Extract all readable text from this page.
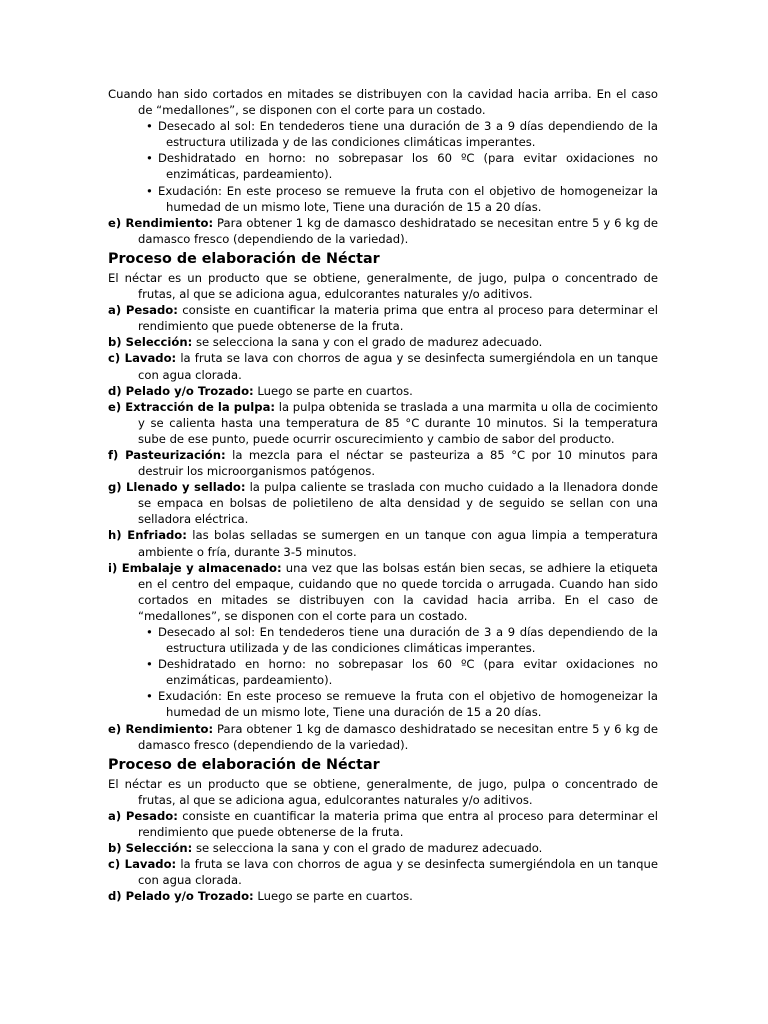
Cuando han sido cortados en mitades se distribuyen con la cavidad hacia arriba. En el caso de “medallones”, se disponen con el corte para un costado.

• Desecado al sol: En tendederos tiene una duración de 3 a 9 días dependiendo de la estructura utilizada y de las condiciones climáticas imperantes.

• Deshidratado en horno: no sobrepasar los 60 ºC (para evitar oxidaciones no enzimáticas, pardeamiento).

• Exudación: En este proceso se remueve la fruta con el objetivo de homogeneizar la humedad de un mismo lote, Tiene una duración de 15 a 20 días.

e) Rendimiento: Para obtener 1 kg de damasco deshidratado se necesitan entre 5 y 6 kg de damasco fresco (dependiendo de la variedad).

Proceso de elaboración de Néctar

El néctar es un producto que se obtiene, generalmente, de jugo, pulpa o concentrado de frutas, al que se adiciona agua, edulcorantes naturales y/o aditivos.

a) Pesado: consiste en cuantificar la materia prima que entra al proceso para determinar el rendimiento que puede obtenerse de la fruta.

b) Selección: se selecciona la sana y con el grado de madurez adecuado.

c) Lavado: la fruta se lava con chorros de agua y se desinfecta sumergiéndola en un tanque con agua clorada.

d) Pelado y/o Trozado: Luego se parte en cuartos.

e) Extracción de la pulpa: la pulpa obtenida se traslada a una marmita u olla de cocimiento y se calienta hasta una temperatura de 85 °C durante 10 minutos. Si la temperatura sube de ese punto, puede ocurrir oscurecimiento y cambio de sabor del producto.

f) Pasteurización: la mezcla para el néctar se pasteuriza a 85 °C por 10 minutos para destruir los microorganismos patógenos.

g) Llenado y sellado: la pulpa caliente se traslada con mucho cuidado a la llenadora donde se empaca en bolsas de polietileno de alta densidad y de seguido se sellan con una selladora eléctrica.

h) Enfriado: las bolas selladas se sumergen en un tanque con agua limpia a temperatura ambiente o fría, durante 3-5 minutos.

i) Embalaje y almacenado: una vez que las bolsas están bien secas, se adhiere la etiqueta en el centro del empaque, cuidando que no quede torcida o arrugada. Cuando han sido cortados en mitades se distribuyen con la cavidad hacia arriba. En el caso de “medallones”, se disponen con el corte para un costado.

• Desecado al sol: En tendederos tiene una duración de 3 a 9 días dependiendo de la estructura utilizada y de las condiciones climáticas imperantes.

• Deshidratado en horno: no sobrepasar los 60 ºC (para evitar oxidaciones no enzimáticas, pardeamiento).

• Exudación: En este proceso se remueve la fruta con el objetivo de homogeneizar la humedad de un mismo lote, Tiene una duración de 15 a 20 días.

e) Rendimiento: Para obtener 1 kg de damasco deshidratado se necesitan entre 5 y 6 kg de damasco fresco (dependiendo de la variedad).

Proceso de elaboración de Néctar

El néctar es un producto que se obtiene, generalmente, de jugo, pulpa o concentrado de frutas, al que se adiciona agua, edulcorantes naturales y/o aditivos.

a) Pesado: consiste en cuantificar la materia prima que entra al proceso para determinar el rendimiento que puede obtenerse de la fruta.

b) Selección: se selecciona la sana y con el grado de madurez adecuado.

c) Lavado: la fruta se lava con chorros de agua y se desinfecta sumergiéndola en un tanque con agua clorada.

d) Pelado y/o Trozado: Luego se parte en cuartos.
